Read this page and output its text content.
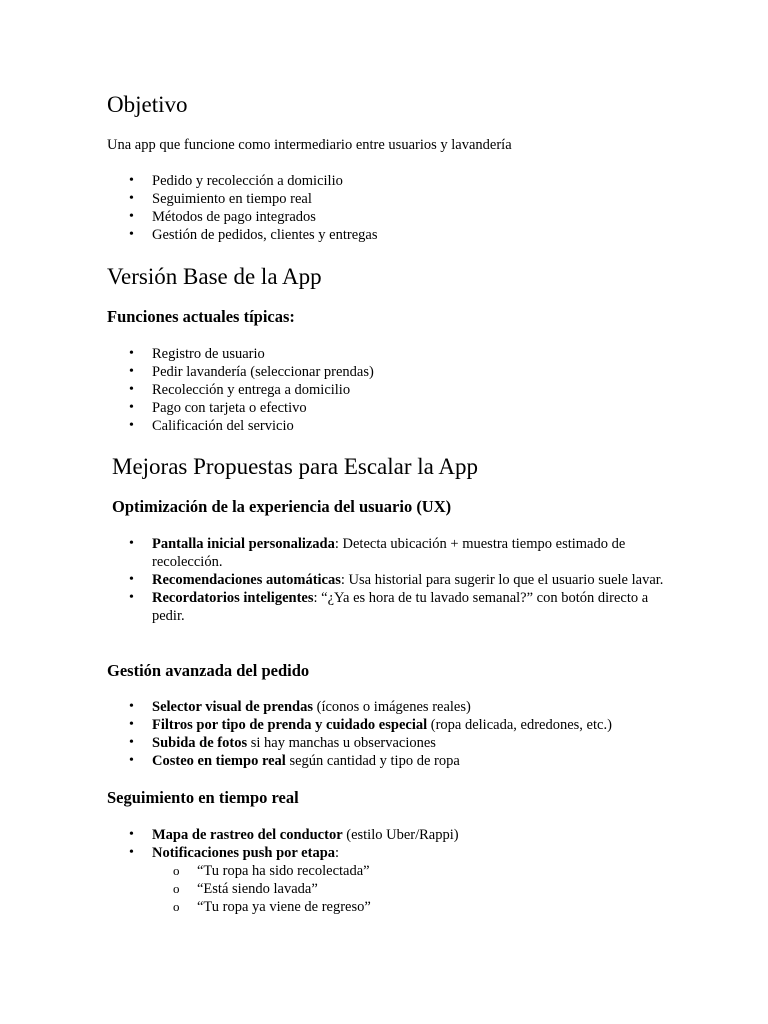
Objetivo

Una app que funcione como intermediario entre usuarios y lavandería

• Pedido y recolección a domicilio
• Seguimiento en tiempo real
• Métodos de pago integrados
• Gestión de pedidos, clientes y entregas
Versión Base de la App
Funciones actuales típicas:
• Registro de usuario
• Pedir lavandería (seleccionar prendas)
• Recolección y entrega a domicilio
• Pago con tarjeta o efectivo
• Calificación del servicio
Mejoras Propuestas para Escalar la App
Optimización de la experiencia del usuario (UX)
• Pantalla inicial personalizada: Detecta ubicación + muestra tiempo estimado de recolección.
• Recomendaciones automáticas: Usa historial para sugerir lo que el usuario suele lavar.
• Recordatorios inteligentes: “¿Ya es hora de tu lavado semanal?” con botón directo a pedir.
Gestión avanzada del pedido
• Selector visual de prendas (íconos o imágenes reales)
• Filtros por tipo de prenda y cuidado especial (ropa delicada, edredones, etc.)
• Subida de fotos si hay manchas u observaciones
• Costeo en tiempo real según cantidad y tipo de ropa
Seguimiento en tiempo real
• Mapa de rastreo del conductor (estilo Uber/Rappi)
• Notificaciones push por etapa:
o “Tu ropa ha sido recolectada”
o “Está siendo lavada”
o “Tu ropa ya viene de regreso”
